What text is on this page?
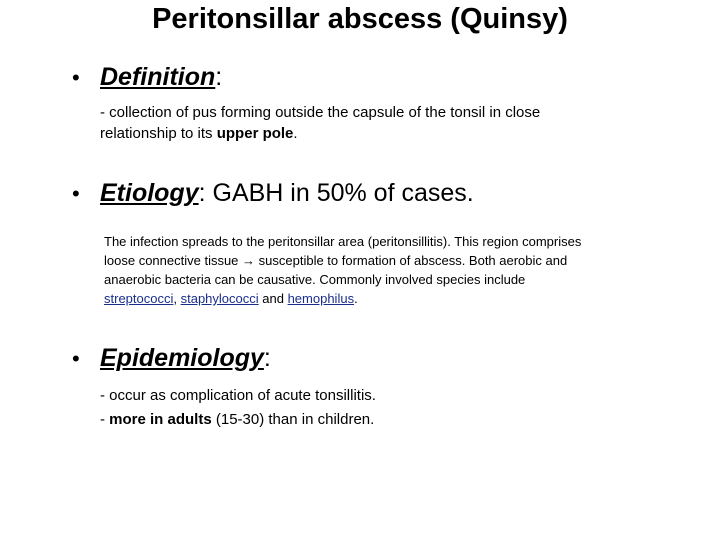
Peritonsillar abscess (Quinsy)
• Definition :
- collection of pus forming outside the capsule of the tonsil in close relationship to its upper pole.
• Etiology : GABH in 50% of cases.
The infection spreads to the peritonsillar area (peritonsillitis). This region comprises loose connective tissue → susceptible to formation of abscess. Both aerobic and anaerobic bacteria can be causative. Commonly involved species include streptococci, staphylococci and hemophilus.
• Epidemiology :
- occur as complication of acute tonsillitis.
- more in adults (15-30) than in children.
